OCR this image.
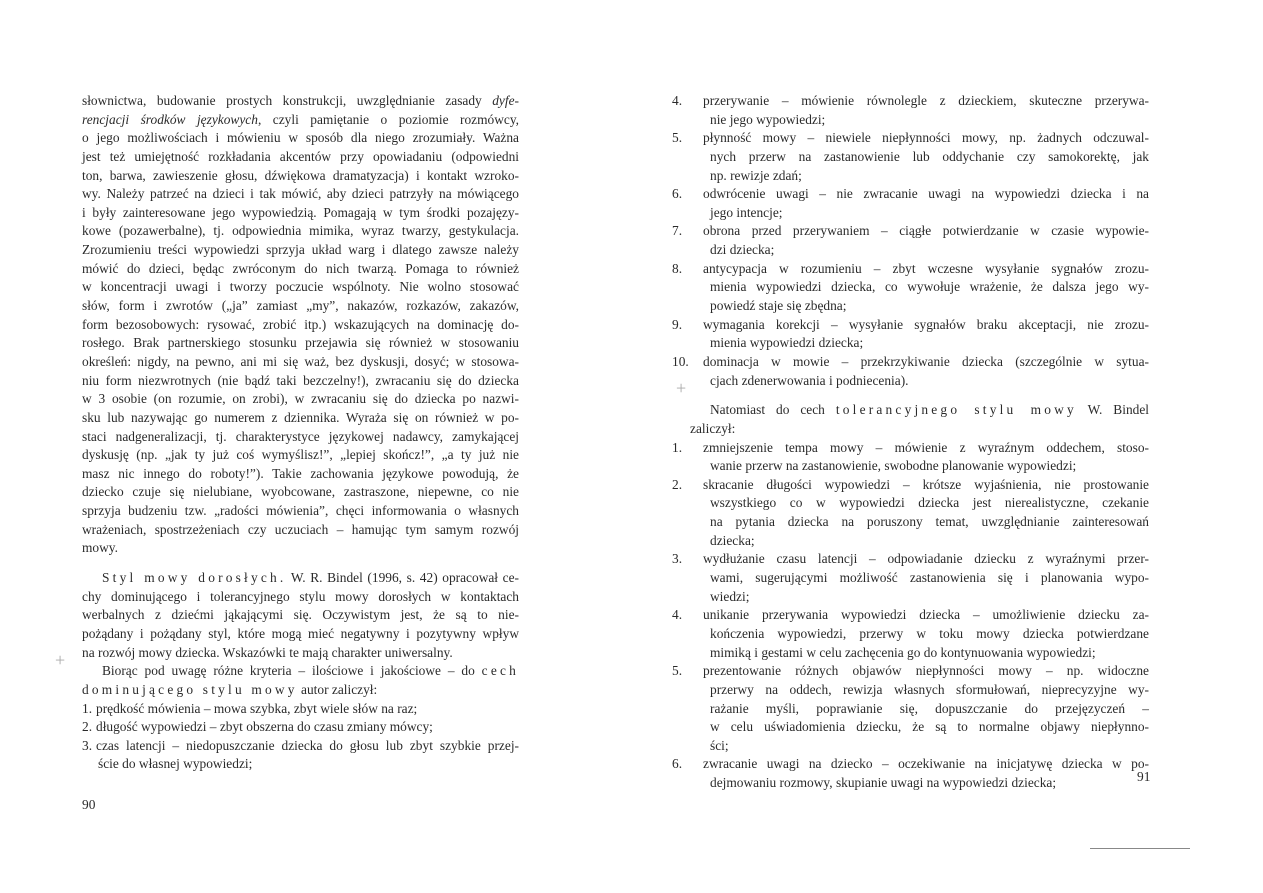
słownictwa, budowanie prostych konstrukcji, uwzględnianie zasady dyfe-
rencjacji środków językowych, czyli pamiętanie o poziomie rozmówcy,
o jego możliwościach i mówieniu w sposób dla niego zrozumiały. Ważna
jest też umiejętność rozkładania akcentów przy opowiadaniu (odpowiedni
ton, barwa, zawieszenie głosu, dźwiękowa dramatyzacja) i kontakt wzroko-
wy. Należy patrzeć na dzieci i tak mówić, aby dzieci patrzyły na mówiącego
i były zainteresowane jego wypowiedzią. Pomagają w tym środki pozajęzy-
kowe (pozawerbalne), tj. odpowiednia mimika, wyraz twarzy, gestykulacja.
Zrozumieniu treści wypowiedzi sprzyja układ warg i dlatego zawsze należy
mówić do dzieci, będąc zwróconym do nich twarzą. Pomaga to również
w koncentracji uwagi i tworzy poczucie wspólnoty. Nie wolno stosować
słów, form i zwrotów („ja” zamiast „my”, nakazów, rozkazów, zakazów,
form bezosobowych: rysować, zrobić itp.) wskazujących na dominację do-
rosłego. Brak partnerskiego stosunku przejawia się również w stosowaniu
określeń: nigdy, na pewno, ani mi się waż, bez dyskusji, dosyć; w stosowa-
niu form niezwrotnych (nie bądź taki bezczelny!), zwracaniu się do dziecka
w 3 osobie (on rozumie, on zrobi), w zwracaniu się do dziecka po nazwi-
sku lub nazywając go numerem z dziennika. Wyraża się on również w po-
staci nadgeneralizacji, tj. charakterystyce językowej nadawcy, zamykającej
dyskusję (np. „jak ty już coś wymyślisz!”, „lepiej skończ!”, „a ty już nie
masz nic innego do roboty!”). Takie zachowania językowe powodują, że
dziecko czuje się nielubiane, wyobcowane, zastraszone, niepewne, co nie
sprzyja budzeniu tzw. „radości mówienia”, chęci informowania o własnych
wrażeniach, spostrzeżeniach czy uczuciach – hamując tym samym rozwój
mowy.
Styl mowy dorosłych. W. R. Bindel (1996, s. 42) opracował ce-
chy dominującego i tolerancyjnego stylu mowy dorosłych w kontaktach
werbalnych z dziećmi jąkającymi się. Oczywistym jest, że są to nie-
pożądany i pożądany styl, które mogą mieć negatywny i pozytywny wpływ
na rozwój mowy dziecka. Wskazówki te mają charakter uniwersalny.
Biorąc pod uwagę różne kryteria – ilościowe i jakościowe – do cech
dominującego stylu mowy autor zaliczył:
1. prędkość mówienia – mowa szybka, zbyt wiele słów na raz;
2. długość wypowiedzi – zbyt obszerna do czasu zmiany mówcy;
3. czas latencji – niedopuszczanie dziecka do głosu lub zbyt szybkie przej-
ście do własnej wypowiedzi;
4.	przerywanie – mówienie równolegle z dzieckiem, skuteczne przerywa-
nie jego wypowiedzi;
5.	płynność mowy – niewiele niepłynności mowy, np. żadnych odczuwal-
nych przerw na zastanowienie lub oddychanie czy samokorektę, jak
np. rewizje zdań;
6.	odwrócenie uwagi – nie zwracanie uwagi na wypowiedzi dziecka i na
jego intencje;
7.	obrona przed przerywaniem – ciągłe potwierdzanie w czasie wypowie-
dzi dziecka;
8.	antycypacja w rozumieniu – zbyt wczesne wysyłanie sygnałów zrozu-
mienia wypowiedzi dziecka, co wywołuje wrażenie, że dalsza jego wy-
powiedź staje się zbędna;
9.	wymagania korekcji – wysyłanie sygnałów braku akceptacji, nie zrozu-
mienia wypowiedzi dziecka;
10.	dominacja w mowie – przekrzykiwanie dziecka (szczególnie w sytua-
cjach zdenerwowania i podniecenia).
Natomiast do cech tolerancyjnego stylu mowy W. Bindel
zaliczył:
1.	zmniejszenie tempa mowy – mówienie z wyraźnym oddechem, stoso-
wanie przerw na zastanowienie, swobodne planowanie wypowiedzi;
2.	skracanie długości wypowiedzi – krótsze wyjaśnienia, nie prostowanie
wszystkiego co w wypowiedzi dziecka jest nierealistyczne, czekanie
na pytania dziecka na poruszony temat, uwzględnianie zainteresowań
dziecka;
3.	wydłużanie czasu latencji – odpowiadanie dziecku z wyraźnymi przer-
wami, sugerującymi możliwość zastanowienia się i planowania wypo-
wiedzi;
4.	unikanie przerywania wypowiedzi dziecka – umożliwienie dziecku za-
kończenia wypowiedzi, przerwy w toku mowy dziecka potwierdzane
mimiką i gestami w celu zachęcenia go do kontynuowania wypowiedzi;
5.	prezentowanie różnych objawów niepłynności mowy – np. widoczne
przerwy na oddech, rewizja własnych sformułowań, nieprecyzyjne wy-
rażanie myśli, poprawianie się, dopuszczanie do przejęzyczeń –
w celu uświadomienia dziecku, że są to normalne objawy niepłynno-
ści;
6.	zwracanie uwagi na dziecko – oczekiwanie na inicjatywę dziecka w po-
dejmowaniu rozmowy, skupianie uwagi na wypowiedzi dziecka;
90
91
+
+
